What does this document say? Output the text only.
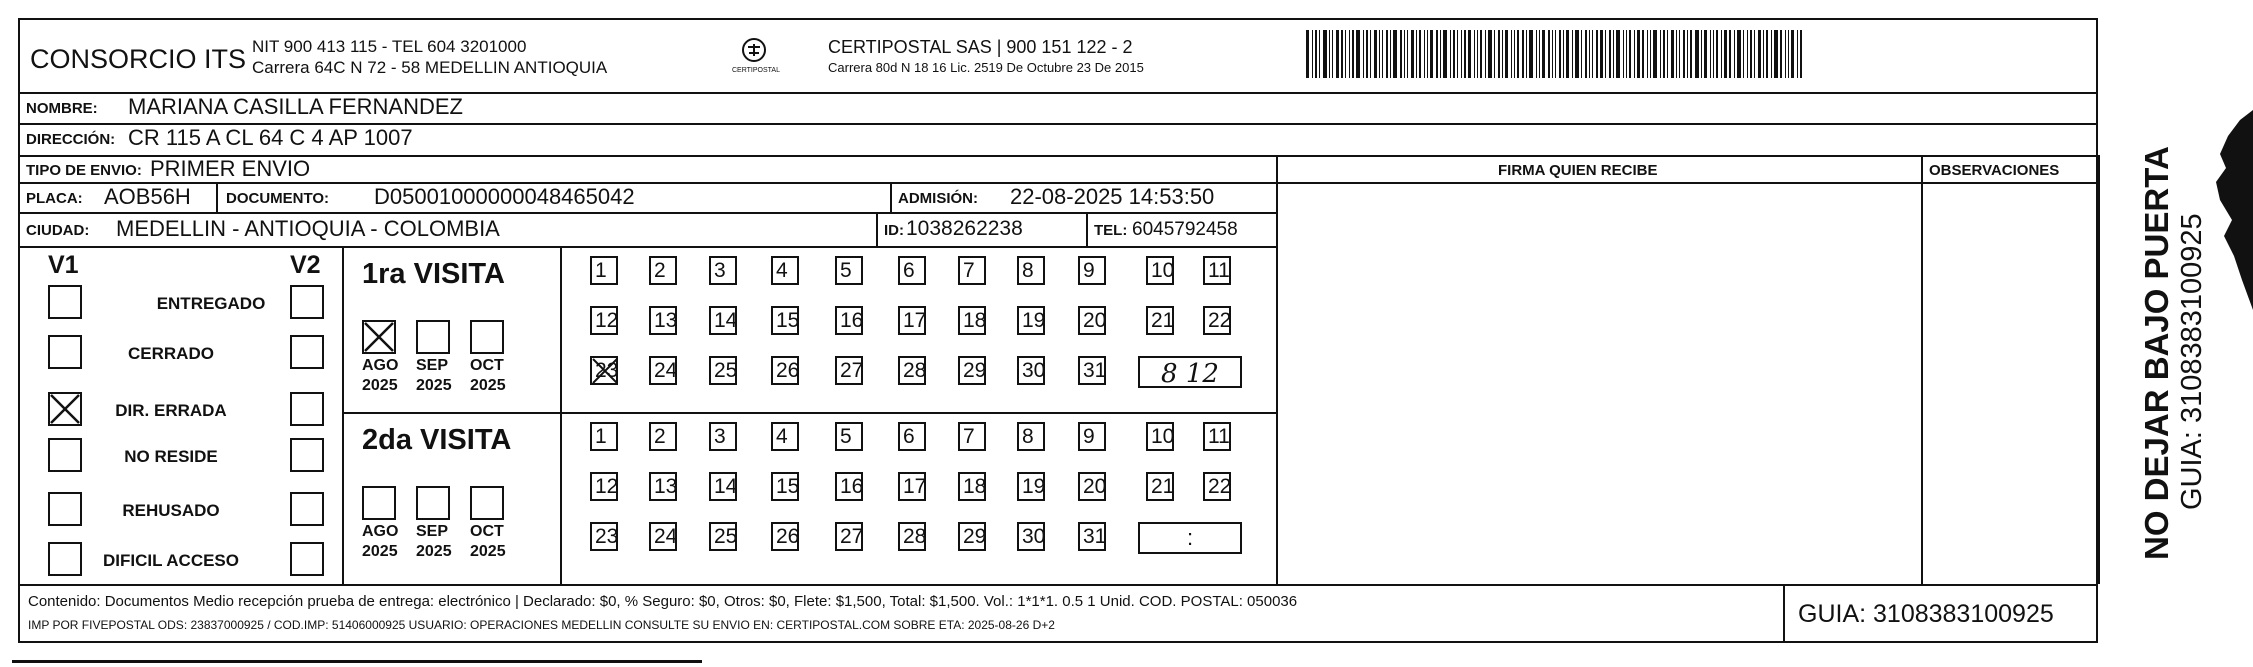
CONSORCIO ITS NIT 900 413 115 - TEL 604 3201000
Carrera 64C N 72 - 58 MEDELLIN ANTIOQUIA	CERTIPOSTAL
CERTIPOSTAL SAS | 900 151 122 - 2
Carrera 80d N 18 16 Lic. 2519 De Octubre 23 De 2015
NOMBRE: MARIANA CASILLA FERNANDEZ
DIRECCIÓN: CR 115 A CL 64 C 4 AP 1007
TIPO DE ENVIO: PRIMER ENVIO	FIRMA QUIEN RECIBE	OBSERVACIONES
PLACA: AOB56H DOCUMENTO: D05001000000048465042	ADMISIÓN: 22-08-2025 14:53:50
CIUDAD: MEDELLIN - ANTIOQUIA - COLOMBIA	ID: 1038262238	TEL: 6045792458
V1	V2
ENTREGADO
CERRADO
DIR. ERRADA
NO RESIDE
REHUSADO
DIFICIL ACCESO
1ra VISITA
AGO
2025
SEP
2025
OCT
2025
1	2	3	4	5	6	7	8	9	10 11
12 13 14 15 16 17 18 19 20 21 22
23 24 25 26 27 28 29 30 31	8 12
2da VISITA
AGO
2025
SEP
2025
OCT
2025
1	2	3	4	5	6	7	8	9	10 11
12 13 14 15 16 17 18 19 20 21 22
23 24 25 26 27 28 29 30 31	:
Contenido: Documentos Medio recepción prueba de entrega: electrónico | Declarado: $0, % Seguro: $0, Otros: $0, Flete: $1,500, Total: $1,500. Vol.: 1*1*1. 0.5 1 Unid. COD. POSTAL: 050036
IMP POR FIVEPOSTAL ODS: 23837000925 / COD.IMP: 51406000925 USUARIO: OPERACIONES MEDELLIN CONSULTE SU ENVIO EN: CERTIPOSTAL.COM SOBRE ETA: 2025-08-26 D+2	GUIA: 3108383100925
NO DEJAR BAJO PUERTA GUIA: 3108383100925
